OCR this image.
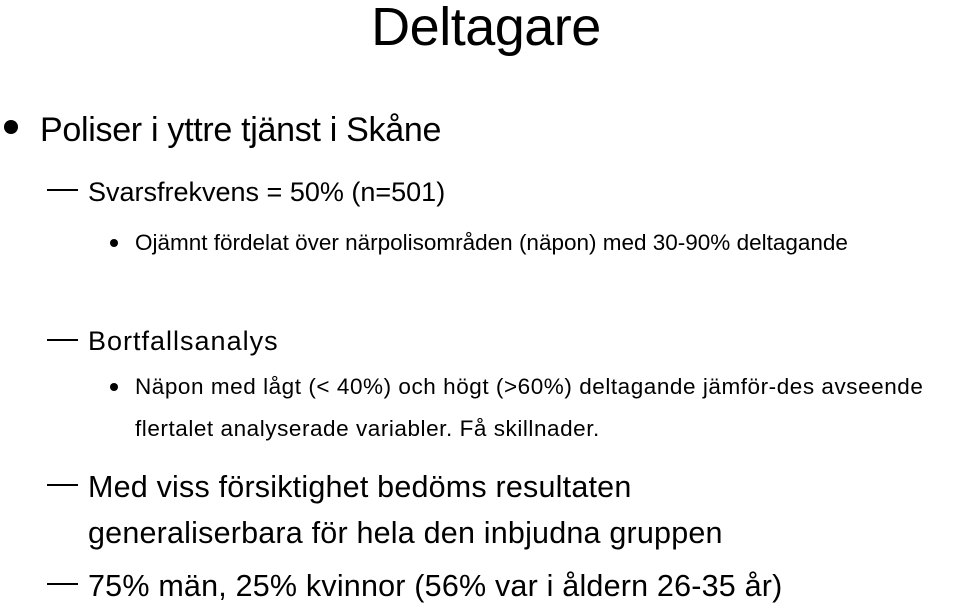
Deltagare
Poliser i yttre tjänst i Skåne
Svarsfrekvens = 50% (n=501)
Ojämnt fördelat över närpolisområden (näpon) med 30-90% deltagande
Bortfallsanalys
Näpon med lågt (< 40%) och högt (>60%) deltagande jämför-des avseende flertalet analyserade variabler. Få skillnader.
Med viss försiktighet bedöms resultaten
generaliserbara för hela den inbjudna gruppen
75% män, 25% kvinnor (56% var i åldern 26-35 år)
